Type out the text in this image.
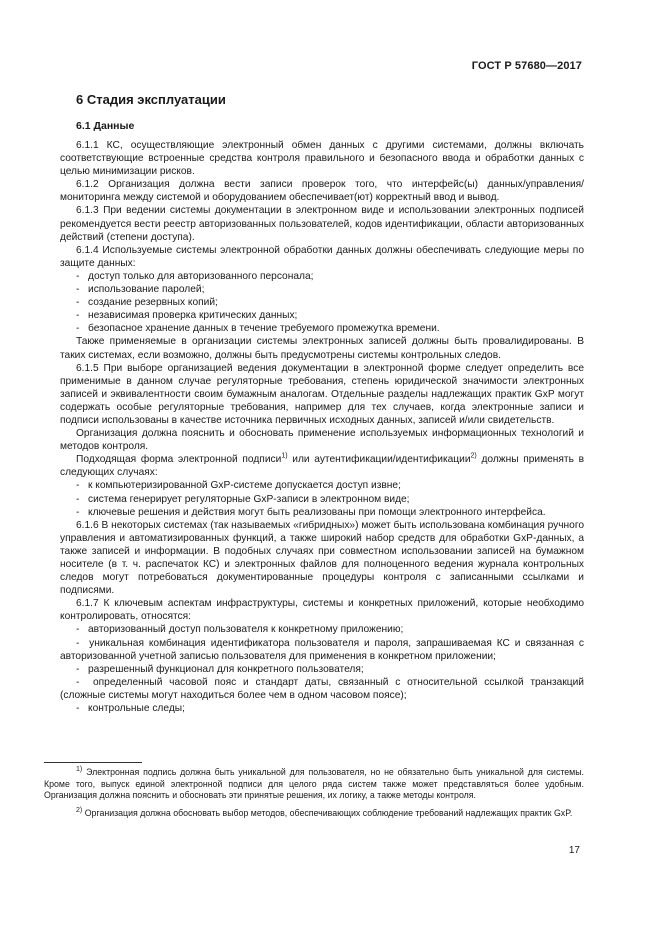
ГОСТ Р 57680—2017
6 Стадия эксплуатации
6.1 Данные

6.1.1 КС, осуществляющие электронный обмен данных с другими системами, должны включать соответствующие встроенные средства контроля правильного и безопасного ввода и обработки данных с целью минимизации рисков.

6.1.2 Организация должна вести записи проверок того, что интерфейс(ы) данных/управления/мониторинга между системой и оборудованием обеспечивает(ют) корректный ввод и вывод.

6.1.3 При ведении системы документации в электронном виде и использовании электронных подписей рекомендуется вести реестр авторизованных пользователей, кодов идентификации, области авторизованных действий (степени доступа).

6.1.4 Используемые системы электронной обработки данных должны обеспечивать следующие меры по защите данных:

- доступ только для авторизованного персонала;
- использование паролей;
- создание резервных копий;
- независимая проверка критических данных;
- безопасное хранение данных в течение требуемого промежутка времени.

Также применяемые в организации системы электронных записей должны быть провалидированы. В таких системах, если возможно, должны быть предусмотрены системы контрольных следов.

6.1.5 При выборе организацией ведения документации в электронной форме следует определить все применимые в данном случае регуляторные требования, степень юридической значимости электронных записей и эквивалентности своим бумажным аналогам. Отдельные разделы надлежащих практик GxP могут содержать особые регуляторные требования, например для тех случаев, когда электронные записи и подписи использованы в качестве источника первичных исходных данных, записей и/или свидетельств.

Организация должна пояснить и обосновать применение используемых информационных технологий и методов контроля.

Подходящая форма электронной подписи$^{1)}$ или аутентификации/идентификации$^{2)}$ должны применять в следующих случаях:

- к компьютеризированной GxP-системе допускается доступ извне;
- система генерирует регуляторные GxP-записи в электронном виде;
- ключевые решения и действия могут быть реализованы при помощи электронного интерфейса.

6.1.6 В некоторых системах (так называемых «гибридных») может быть использована комбинация ручного управления и автоматизированных функций, а также широкий набор средств для обработки GxP-данных, а также записей и информации. В подобных случаях при совместном использовании записей на бумажном носителе (в т. ч. распечаток КС) и электронных файлов для полноценного ведения журнала контрольных следов могут потребоваться документированные процедуры контроля с записанными ссылками и подписями.

6.1.7 К ключевым аспектам инфраструктуры, системы и конкретных приложений, которые необходимо контролировать, относятся:

- авторизованный доступ пользователя к конкретному приложению;

-  уникальная комбинация идентификатора пользователя и пароля, запрашиваемая КС и связанная с авторизованной учетной записью пользователя для применения в конкретном приложении;

- разрешенный функционал для конкретного пользователя;

-  определенный часовой пояс и стандарт даты, связанный с относительной ссылкой транзакций (сложные системы могут находиться более чем в одном часовом поясе);

- контрольные следы;

$^{1)}$ Электронная подпись должна быть уникальной для пользователя, но не обязательно быть уникальной для системы. Кроме того, выпуск единой электронной подписи для целого ряда систем также может представляться более удобным. Организация должна пояснить и обосновать эти принятые решения, их логику, а также методы контроля.

$^{2)}$ Организация должна обосновать выбор методов, обеспечивающих соблюдение требований надлежащих практик GxP.

17
